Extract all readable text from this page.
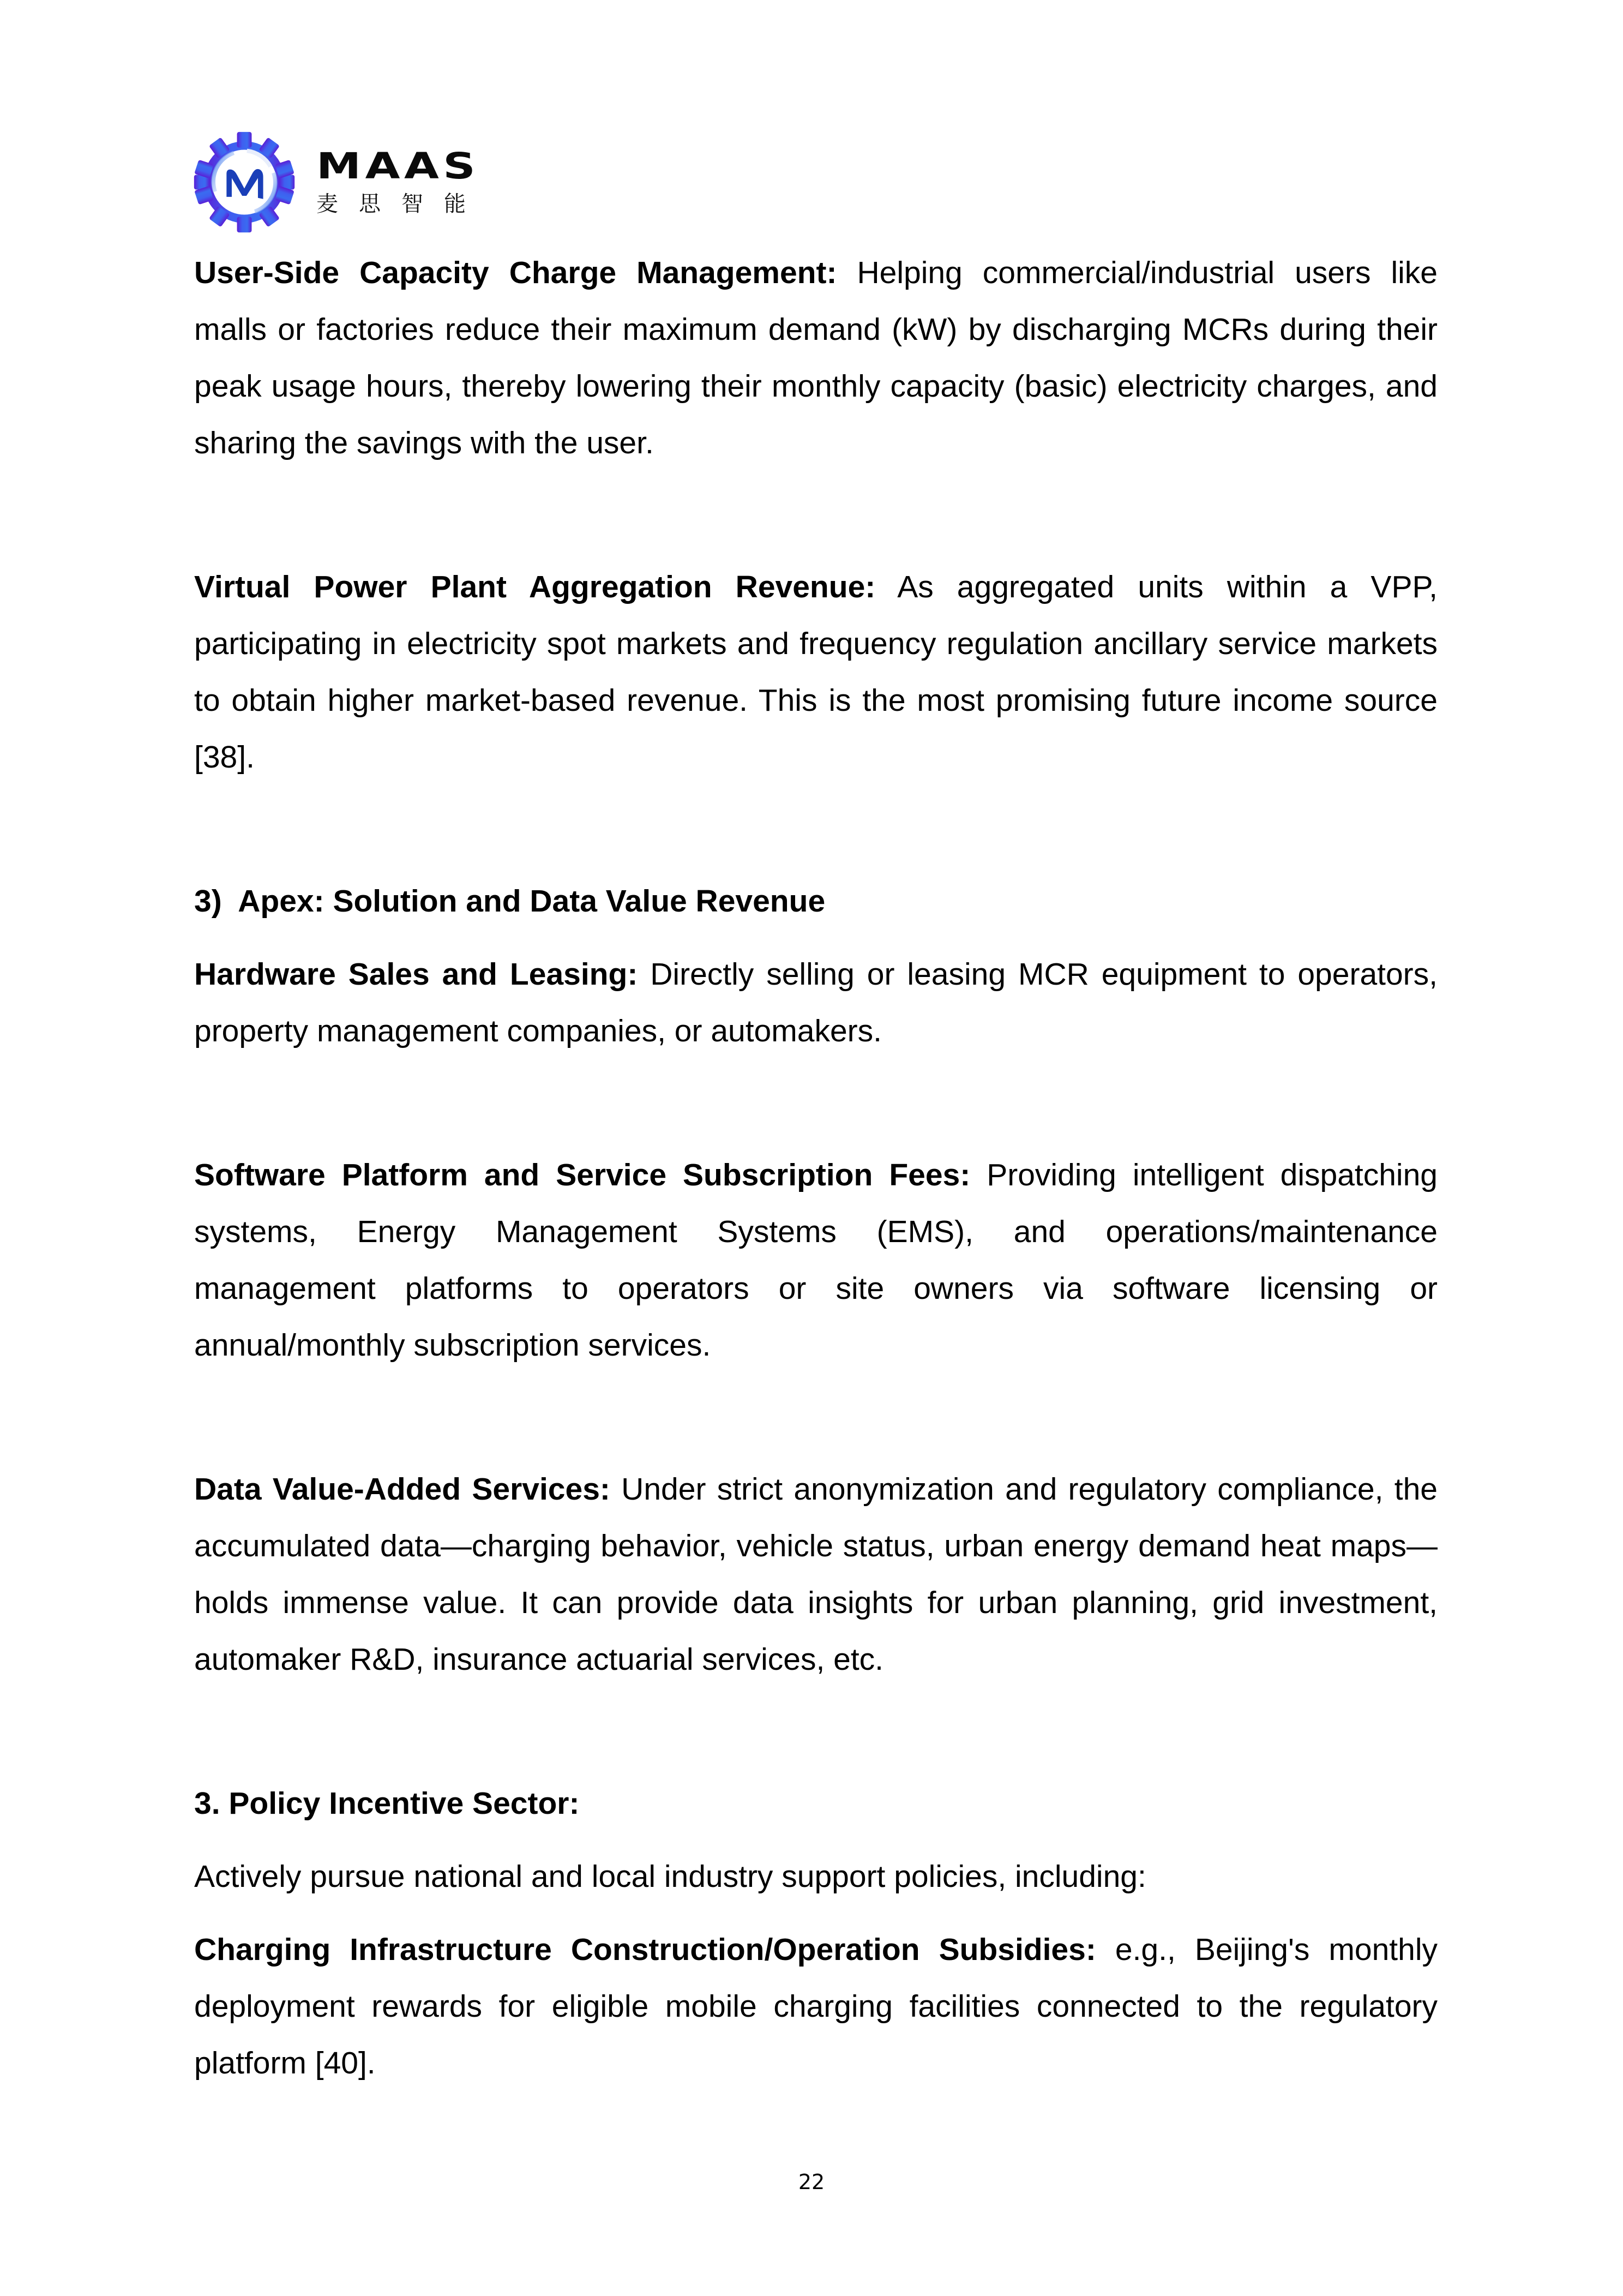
MAAS
麦思智能

User-Side Capacity Charge Management: Helping commercial/industrial users like malls or factories reduce their maximum demand (kW) by discharging MCRs during their peak usage hours, thereby lowering their monthly capacity (basic) electricity charges, and sharing the savings with the user.

Virtual Power Plant Aggregation Revenue: As aggregated units within a VPP, participating in electricity spot markets and frequency regulation ancillary service markets to obtain higher market-based revenue. This is the most promising future income source [38].

3)  Apex: Solution and Data Value Revenue

Hardware Sales and Leasing: Directly selling or leasing MCR equipment to operators, property management companies, or automakers.

Software Platform and Service Subscription Fees: Providing intelligent dispatching systems, Energy Management Systems (EMS), and operations/maintenance management platforms to operators or site owners via software licensing or annual/monthly subscription services.

Data Value-Added Services: Under strict anonymization and regulatory compliance, the accumulated data—charging behavior, vehicle status, urban energy demand heat maps—holds immense value. It can provide data insights for urban planning, grid investment, automaker R&D, insurance actuarial services, etc.

3. Policy Incentive Sector:

Actively pursue national and local industry support policies, including:

Charging Infrastructure Construction/Operation Subsidies: e.g., Beijing's monthly deployment rewards for eligible mobile charging facilities connected to the regulatory platform [40].

22
